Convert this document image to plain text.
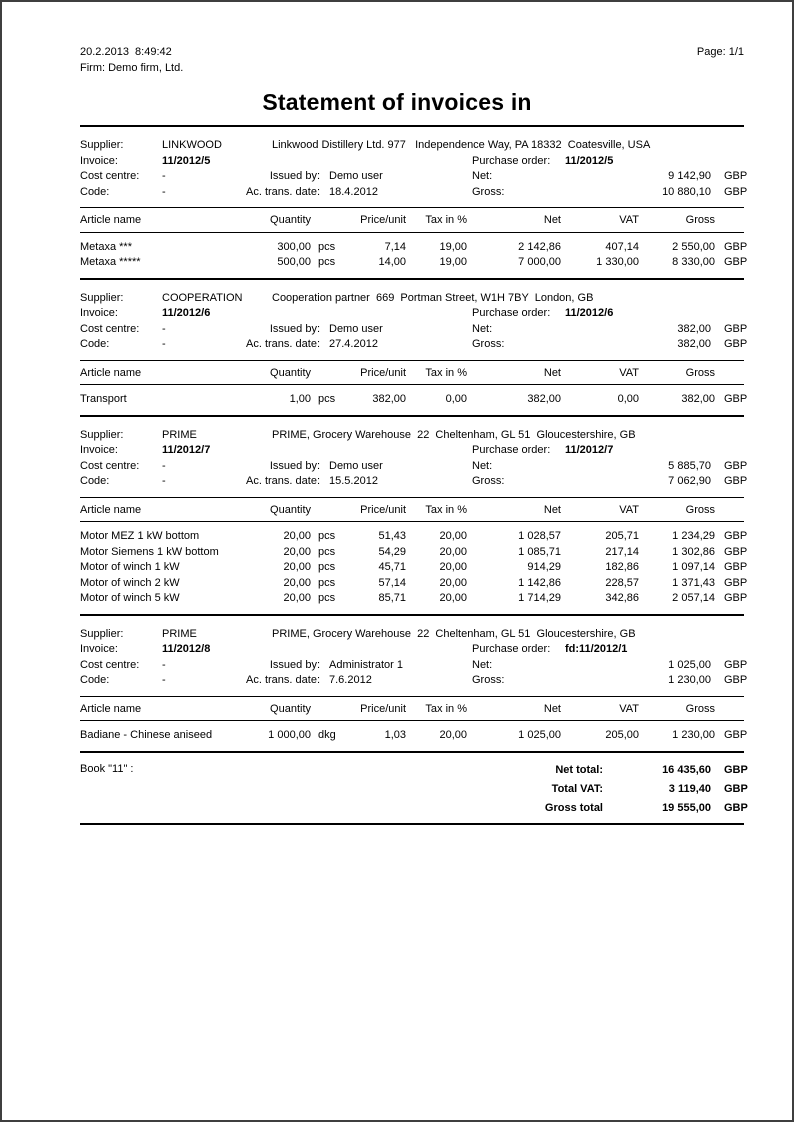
20.2.2013  8:49:42	Page: 1/1
Firm: Demo firm, Ltd.
Statement of invoices in
Supplier:	LINKWOOD	Linkwood Distillery Ltd. 977   Independence Way, PA 18332  Coatesville, USA
Invoice:	11/2012/5	Purchase order: 11/2012/5
Cost centre: -	Issued by: Demo user	Net:	9 142,90 GBP
Code:	-	Ac. trans. date: 18.4.2012	Gross:	10 880,10 GBP
Article name	Quantity	Price/unit	Tax in %	Net	VAT	Gross
Metaxa ***	300,00 pcs	7,14	19,00	2 142,86	407,14	2 550,00 GBP
Metaxa *****	500,00 pcs	14,00	19,00	7 000,00	1 330,00	8 330,00 GBP
Supplier:	COOPERATION	Cooperation partner  669  Portman Street, W1H 7BY  London, GB
Invoice:	11/2012/6	Purchase order: 11/2012/6
Cost centre: -	Issued by: Demo user	Net:	382,00 GBP
Code:	-	Ac. trans. date: 27.4.2012	Gross:	382,00 GBP
Article name	Quantity	Price/unit	Tax in %	Net	VAT	Gross
Transport	1,00 pcs	382,00	0,00	382,00	0,00	382,00 GBP
Supplier:	PRIME	PRIME, Grocery Warehouse  22  Cheltenham, GL 51  Gloucestershire, GB
Invoice:	11/2012/7	Purchase order: 11/2012/7
Cost centre: -	Issued by: Demo user	Net:	5 885,70 GBP
Code:	-	Ac. trans. date: 15.5.2012	Gross:	7 062,90 GBP
Article name	Quantity	Price/unit	Tax in %	Net	VAT	Gross
Motor MEZ 1 kW bottom	20,00 pcs	51,43	20,00	1 028,57	205,71	1 234,29 GBP
Motor Siemens 1 kW bottom	20,00 pcs	54,29	20,00	1 085,71	217,14	1 302,86 GBP
Motor of winch 1 kW	20,00 pcs	45,71	20,00	914,29	182,86	1 097,14 GBP
Motor of winch 2 kW	20,00 pcs	57,14	20,00	1 142,86	228,57	1 371,43 GBP
Motor of winch 5 kW	20,00 pcs	85,71	20,00	1 714,29	342,86	2 057,14 GBP
Supplier:	PRIME	PRIME, Grocery Warehouse  22  Cheltenham, GL 51  Gloucestershire, GB
Invoice:	11/2012/8	Purchase order: fd:11/2012/1
Cost centre: -	Issued by: Administrator 1	Net:	1 025,00 GBP
Code:	-	Ac. trans. date: 7.6.2012	Gross:	1 230,00 GBP
Article name	Quantity	Price/unit	Tax in %	Net	VAT	Gross
Badiane - Chinese aniseed	1 000,00 dkg	1,03	20,00	1 025,00	205,00	1 230,00 GBP
Book "11" :	Net total:	16 435,60 GBP
Total VAT:	3 119,40 GBP
Gross total	19 555,00 GBP
